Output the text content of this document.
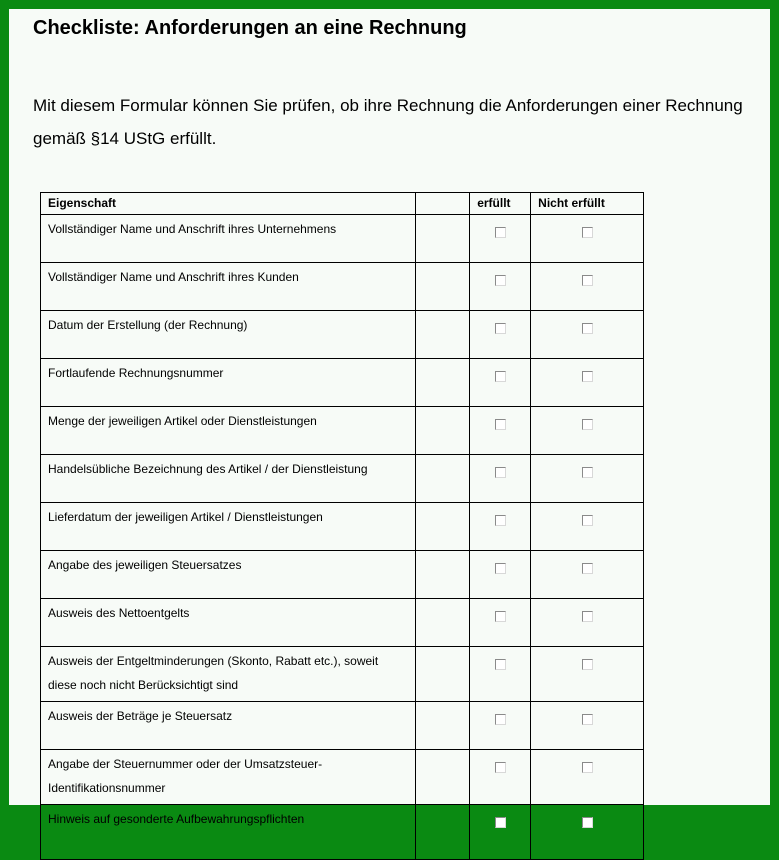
Checkliste: Anforderungen an eine Rechnung

Mit diesem Formular können Sie prüfen, ob ihre Rechnung die Anforderungen einer Rechnung gemäß §14 UStG erfüllt.

Eigenschaft		erfüllt	Nicht erfüllt
Vollständiger Name und Anschrift ihres Unternehmens			
Vollständiger Name und Anschrift ihres Kunden			
Datum der Erstellung (der Rechnung)			
Fortlaufende Rechnungsnummer			
Menge der jeweiligen Artikel oder Dienstleistungen			
Handelsübliche Bezeichnung des Artikel / der Dienstleistung			
Lieferdatum der jeweiligen Artikel / Dienstleistungen			
Angabe des jeweiligen Steuersatzes			
Ausweis des Nettoentgelts			
Ausweis der Entgeltminderungen (Skonto, Rabatt etc.), soweit diese noch nicht Berücksichtigt sind			
Ausweis der Beträge je Steuersatz			
Angabe der Steuernummer oder der Umsatzsteuer-Identifikationsnummer			
Hinweis auf gesonderte Aufbewahrungspflichten			
